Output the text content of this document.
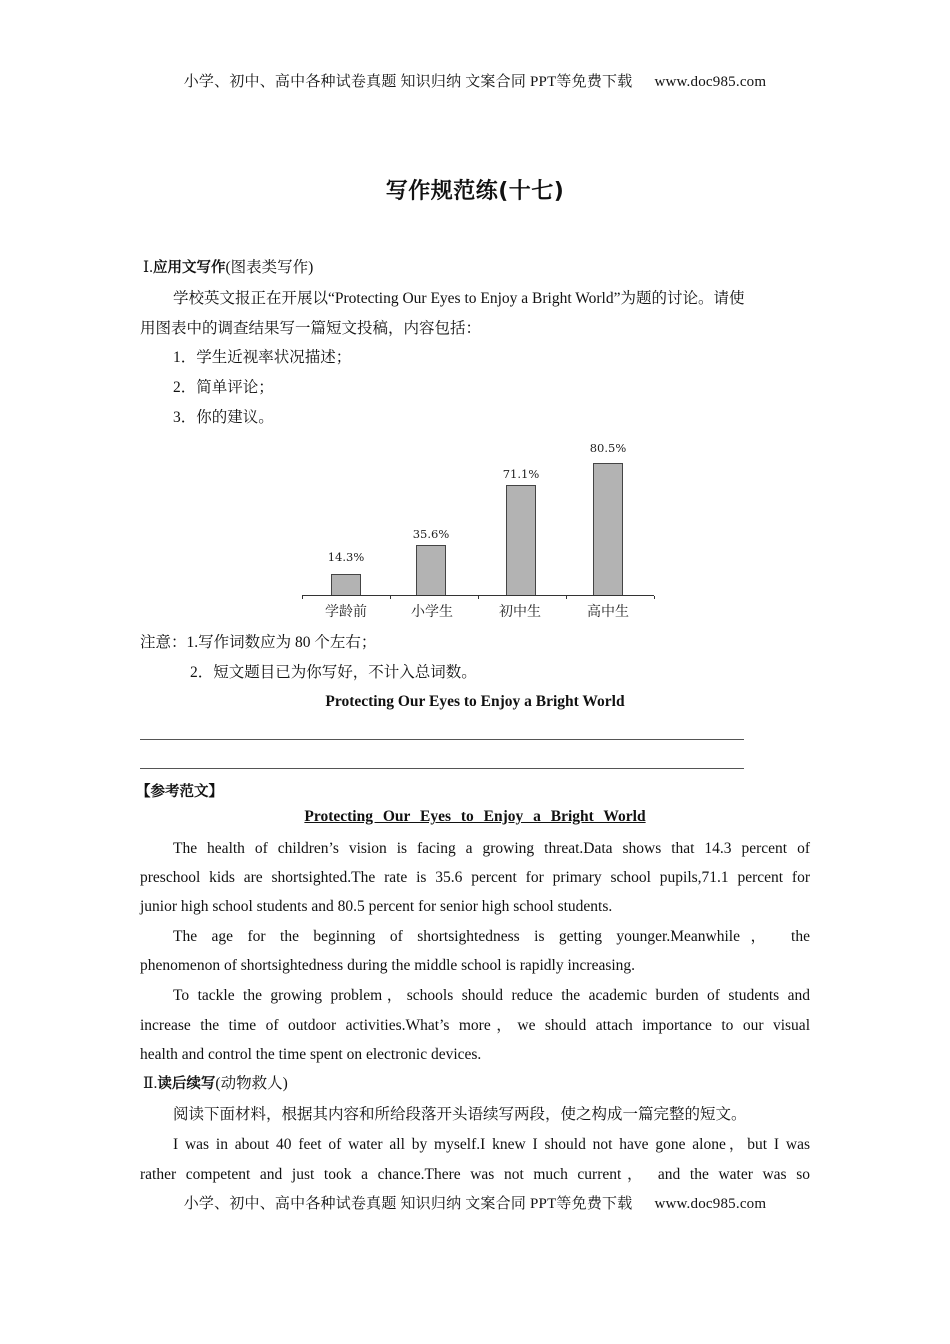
小学、初中、高中各种试卷真题 知识归纳 文案合同 PPT等免费下载 www.doc985.com
写作规范练(十七)
Ⅰ.应用文写作(图表类写作)
学校英文报正在开展以“Protecting Our Eyes to Enjoy a Bright World”为题的讨论。请使
用图表中的调查结果写一篇短文投稿，内容包括：
1．学生近视率状况描述；
2．简单评论；
3．你的建议。
14.3%
35.6%
71.1%
80.5%
学龄前	小学生	初中生	高中生
注意：1.写作词数应为 80 个左右；
2．短文题目已为你写好，不计入总词数。
Protecting Our Eyes to Enjoy a Bright World
【参考范文】
Protecting Our Eyes to Enjoy a Bright World
The health of children’s vision is facing a growing threat.Data shows that 14.3 percent of
preschool kids are shortsighted.The rate is 35.6 percent for primary school pupils,71.1 percent for
junior high school students and 80.5 percent for senior high school students.
The age for the beginning of shortsightedness is getting younger.Meanwhile， the
phenomenon of shortsightedness during the middle school is rapidly increasing.
To tackle the growing problem，schools should reduce the academic burden of students and
increase the time of outdoor activities.What’s more，we should attach importance to our visual
health and control the time spent on electronic devices.
Ⅱ.读后续写(动物救人)
阅读下面材料，根据其内容和所给段落开头语续写两段，使之构成一篇完整的短文。
I was in about 40 feet of water all by myself.I knew I should not have gone alone，but I was
rather competent and just took a chance.There was not much current， and the water was so
小学、初中、高中各种试卷真题 知识归纳 文案合同 PPT等免费下载 www.doc985.com
